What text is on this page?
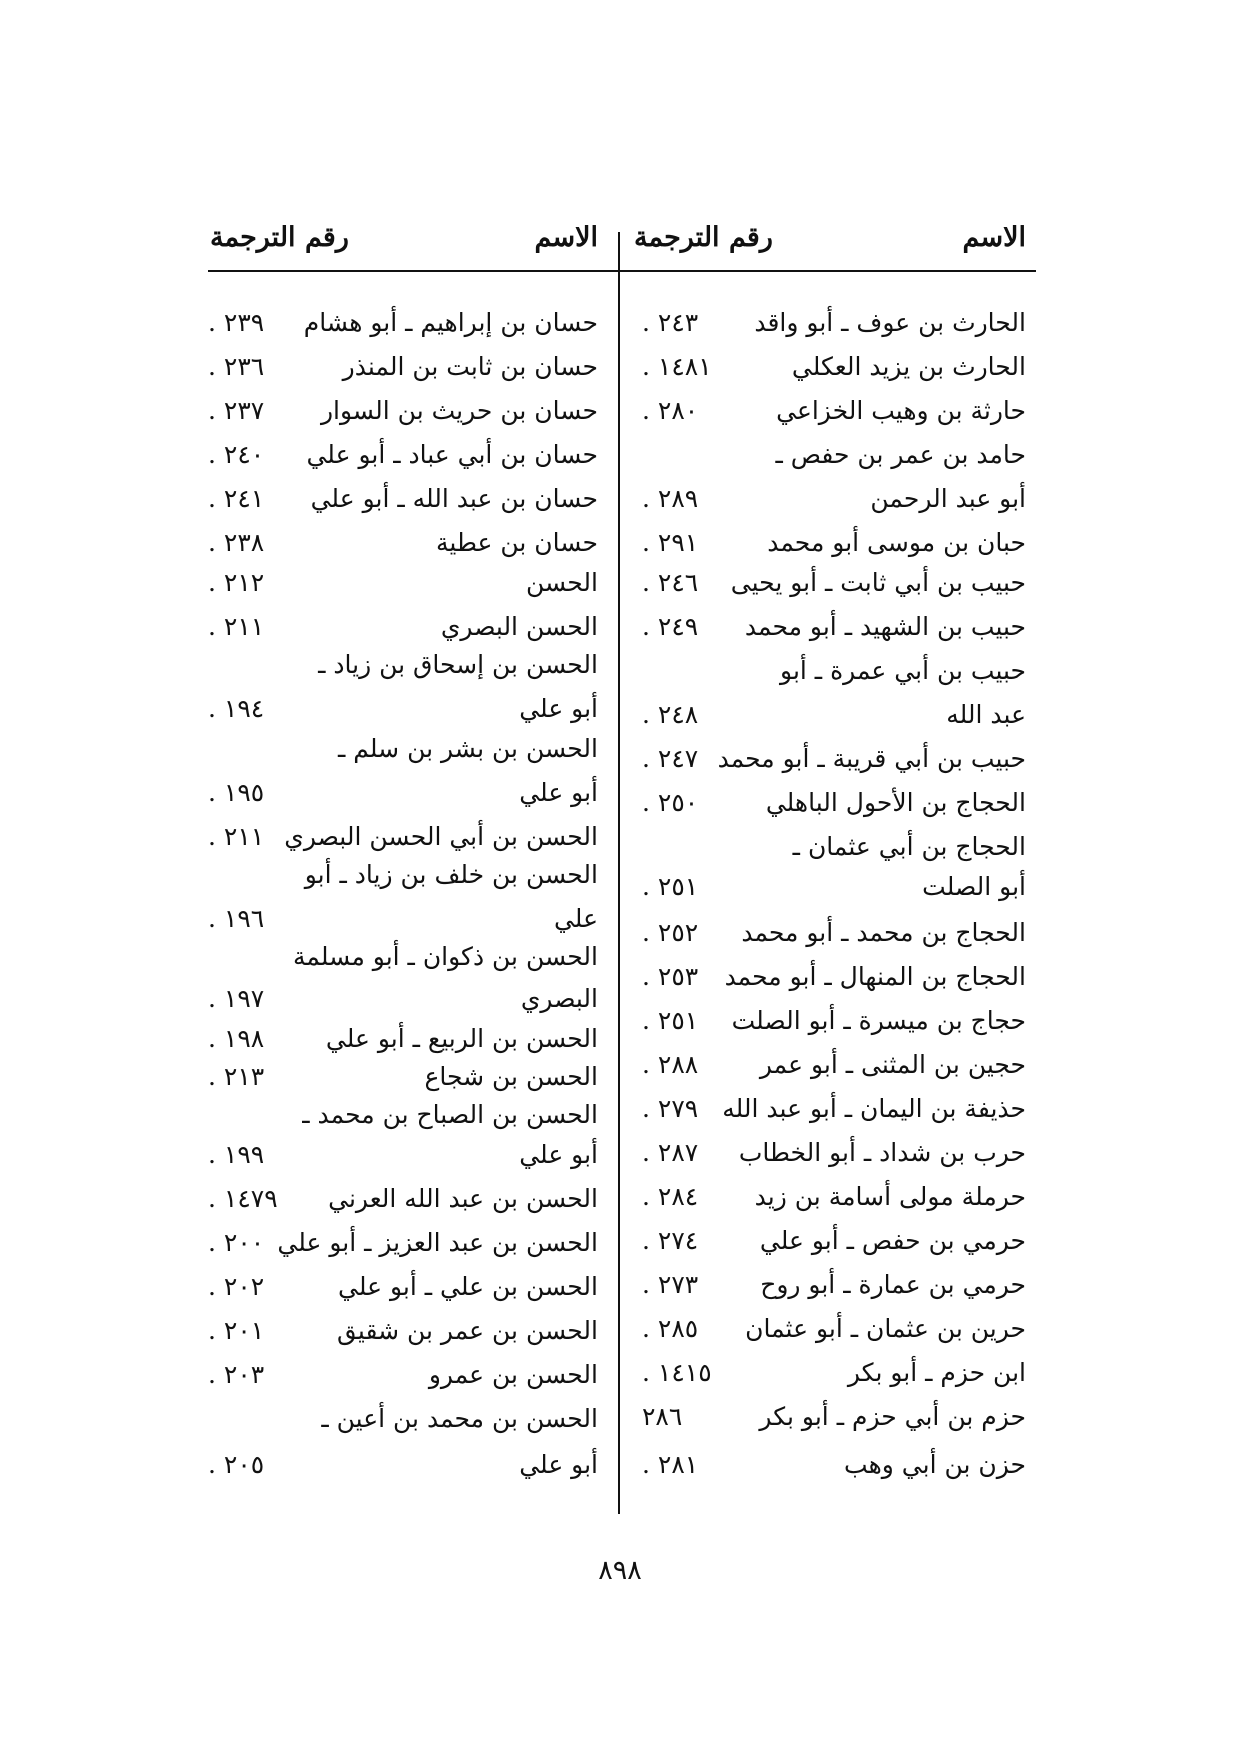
الاسم
رقم الترجمة
الاسم
رقم الترجمة
الحارث بن عوف ـ أبو واقد
. ٢٤٣
الحارث بن يزيد العكلي
. ١٤٨١
حارثة بن وهيب الخزاعي
. ٢٨٠
حامد بن عمر بن حفص ـ
أبو عبد الرحمن
. ٢٨٩
حبان بن موسى أبو محمد
. ٢٩١
حبيب بن أبي ثابت ـ أبو يحيى
. ٢٤٦
حبيب بن الشهيد ـ أبو محمد
. ٢٤٩
حبيب بن أبي عمرة ـ أبو
عبد الله
. ٢٤٨
حبيب بن أبي قريبة ـ أبو محمد
. ٢٤٧
الحجاج بن الأحول الباهلي
. ٢٥٠
الحجاج بن أبي عثمان ـ
أبو الصلت
. ٢٥١
الحجاج بن محمد ـ أبو محمد
. ٢٥٢
الحجاج بن المنهال ـ أبو محمد
. ٢٥٣
حجاج بن ميسرة ـ أبو الصلت
. ٢٥١
حجين بن المثنى ـ أبو عمر
. ٢٨٨
حذيفة بن اليمان ـ أبو عبد الله
. ٢٧٩
حرب بن شداد ـ أبو الخطاب
. ٢٨٧
حرملة مولى أسامة بن زيد
. ٢٨٤
حرمي بن حفص ـ أبو علي
. ٢٧٤
حرمي بن عمارة ـ أبو روح
. ٢٧٣
حرين بن عثمان ـ أبو عثمان
. ٢٨٥
ابن حزم ـ أبو بكر
. ١٤١٥
حزم بن أبي حزم ـ أبو بكر
٢٨٦
حزن بن أبي وهب
. ٢٨١
حسان بن إبراهيم ـ أبو هشام
. ٢٣٩
حسان بن ثابت بن المنذر
. ٢٣٦
حسان بن حريث بن السوار
. ٢٣٧
حسان بن أبي عباد ـ أبو علي
. ٢٤٠
حسان بن عبد الله ـ أبو علي
. ٢٤١
حسان بن عطية
. ٢٣٨
الحسن
. ٢١٢
الحسن البصري
. ٢١١
الحسن بن إسحاق بن زياد ـ
أبو علي
. ١٩٤
الحسن بن بشر بن سلم ـ
أبو علي
. ١٩٥
الحسن بن أبي الحسن البصري
. ٢١١
الحسن بن خلف بن زياد ـ أبو
علي
. ١٩٦
الحسن بن ذكوان ـ أبو مسلمة
البصري
. ١٩٧
الحسن بن الربيع ـ أبو علي
. ١٩٨
الحسن بن شجاع
. ٢١٣
الحسن بن الصباح بن محمد ـ
أبو علي
. ١٩٩
الحسن بن عبد الله العرني
. ١٤٧٩
الحسن بن عبد العزيز ـ أبو علي
. ٢٠٠
الحسن بن علي ـ أبو علي
. ٢٠٢
الحسن بن عمر بن شقيق
. ٢٠١
الحسن بن عمرو
. ٢٠٣
الحسن بن محمد بن أعين ـ
أبو علي
. ٢٠٥
٨٩٨
